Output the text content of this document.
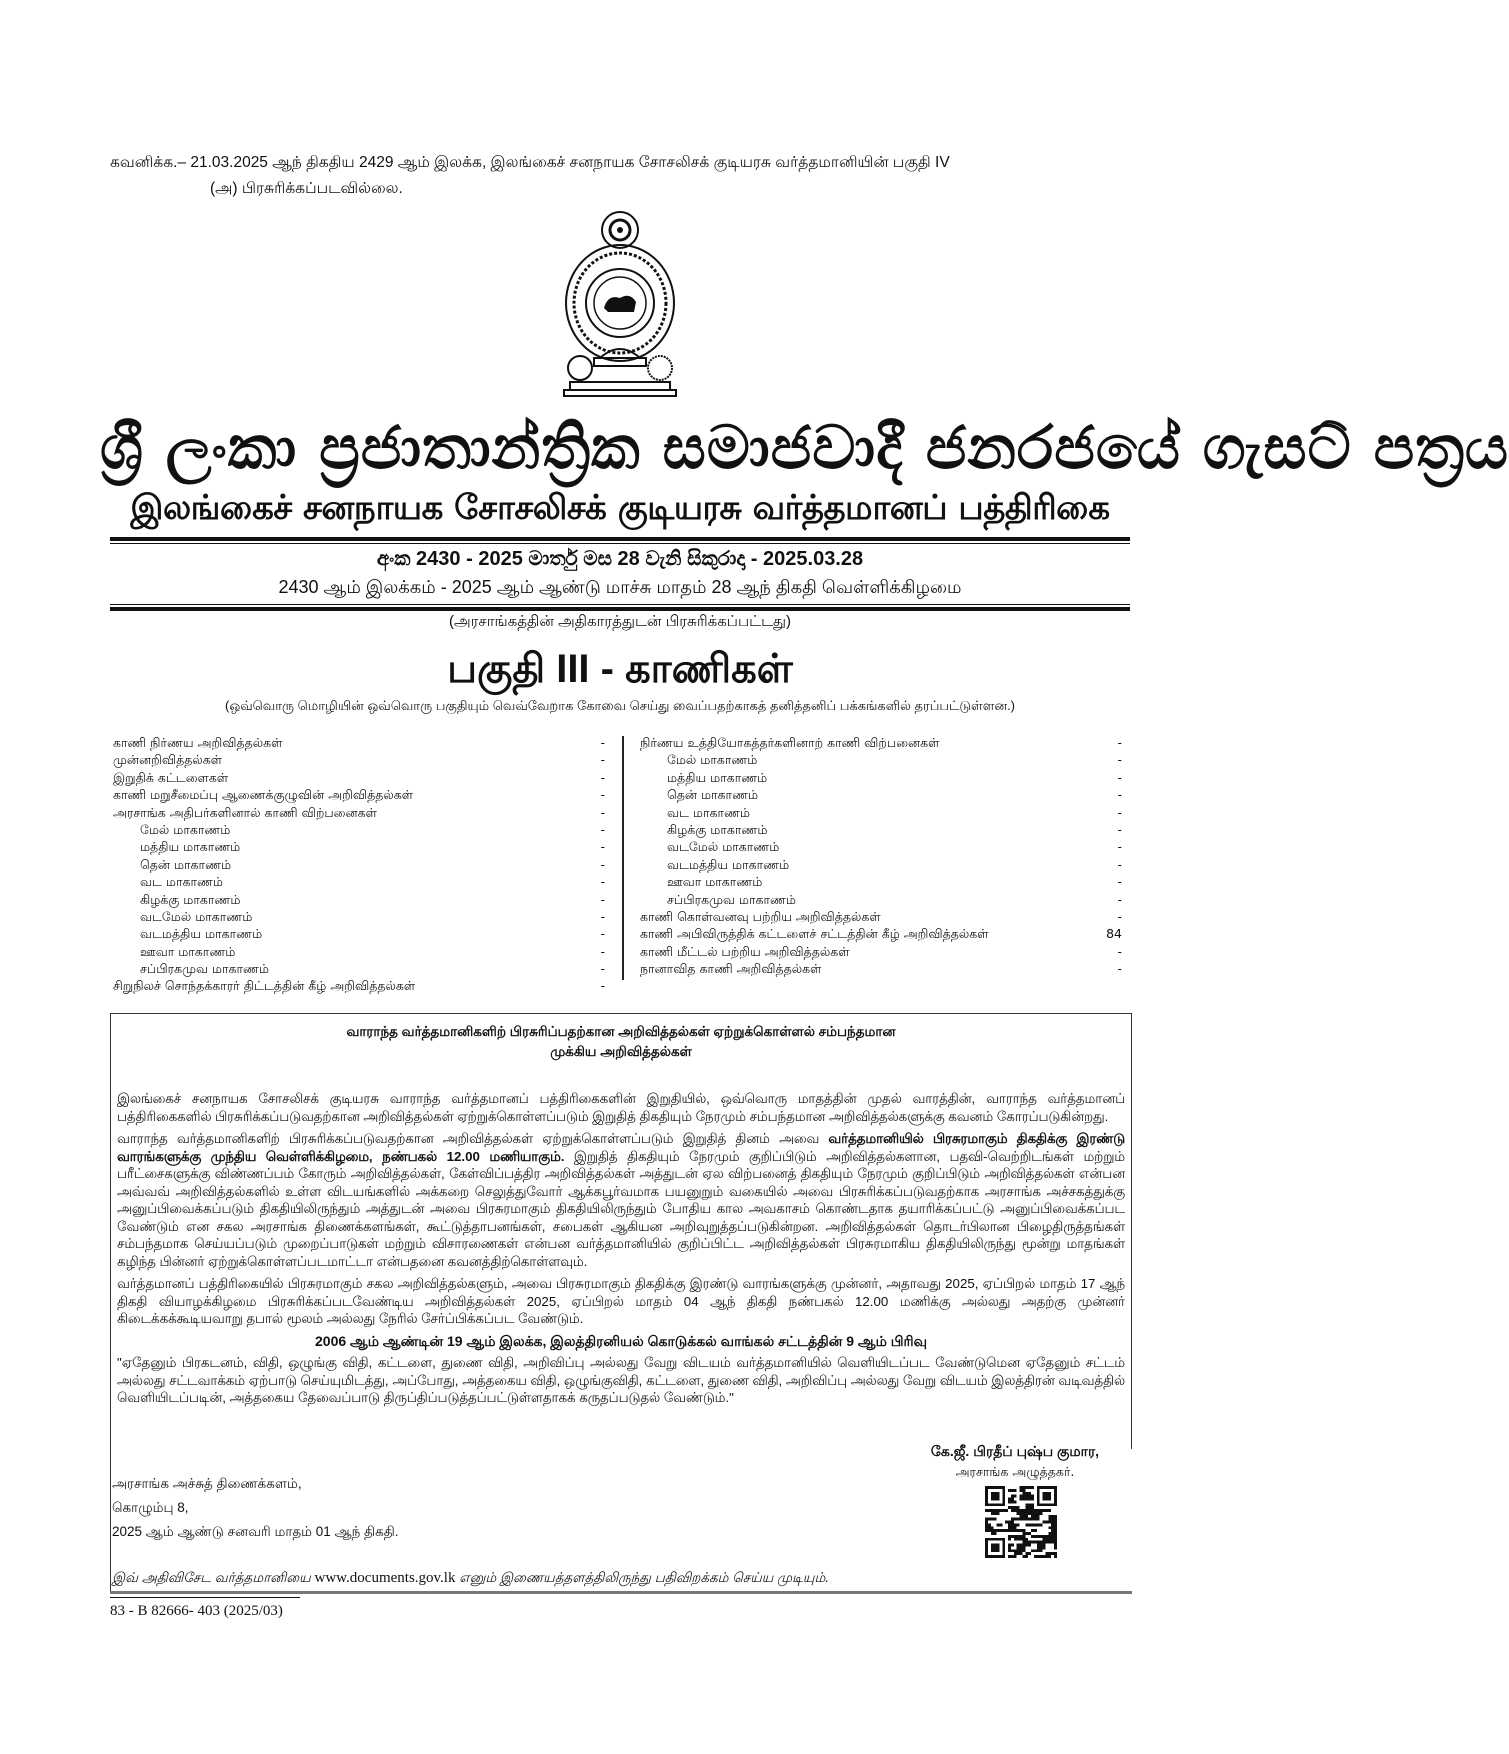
கவனிக்க.– 21.03.2025 ஆந் திகதிய 2429 ஆம் இலக்க, இலங்கைச் சனநாயக சோசலிசக் குடியரசு வர்த்தமானியின் பகுதி IV
(அ) பிரசுரிக்கப்படவில்லை.
ශ්‍රී ලංකා ප්‍රජාතාන්ත්‍රික සමාජවාදී ජනරජයේ ගැසට් පත්‍රය
இலங்கைச் சனநாயக சோசலிசக் குடியரசு வர்த்தமானப் பத்திரிகை
අංක 2430 - 2025 මාර්තු මස 28 වැනි සිකුරාදා - 2025.03.28
2430 ஆம் இலக்கம் - 2025 ஆம் ஆண்டு மாச்சு மாதம் 28 ஆந் திகதி வெள்ளிக்கிழமை
(அரசாங்கத்தின் அதிகாரத்துடன் பிரசுரிக்கப்பட்டது)
பகுதி III - காணிகள்
(ஒவ்வொரு மொழியின் ஒவ்வொரு பகுதியும் வெவ்வேறாக கோவை செய்து வைப்பதற்காகத் தனித்தனிப் பக்கங்களில் தரப்பட்டுள்ளன.)
காணி நிர்ணய அறிவித்தல்கள்	-
முன்னறிவித்தல்கள்	-
இறுதிக் கட்டளைகள்	-
காணி மறுசீமைப்பு ஆணைக்குழுவின் அறிவித்தல்கள்	-
அரசாங்க அதிபர்களினால் காணி விற்பனைகள்	-
மேல் மாகாணம்	-
மத்திய மாகாணம்	-
தென் மாகாணம்	-
வட மாகாணம்	-
கிழக்கு மாகாணம்	-
வடமேல் மாகாணம்	-
வடமத்திய மாகாணம்	-
ஊவா மாகாணம்	-
சப்பிரகமுவ மாகாணம்	-
சிறுநிலச் சொந்தக்காரர் திட்டத்தின் கீழ் அறிவித்தல்கள்	-
நிர்ணய உத்தியோகத்தர்களினாற் காணி விற்பனைகள்	-
மேல் மாகாணம்	-
மத்திய மாகாணம்	-
தென் மாகாணம்	-
வட மாகாணம்	-
கிழக்கு மாகாணம்	-
வடமேல் மாகாணம்	-
வடமத்திய மாகாணம்	-
ஊவா மாகாணம்	-
சப்பிரகமுவ மாகாணம்	-
காணி கொள்வனவு பற்றிய அறிவித்தல்கள்	-
காணி அபிவிருத்திக் கட்டளைச் சட்டத்தின் கீழ் அறிவித்தல்கள்	84
காணி மீட்டல் பற்றிய அறிவித்தல்கள்	-
நானாவித காணி அறிவித்தல்கள்	-
வாராந்த வர்த்தமானிகளிற் பிரசுரிப்பதற்கான அறிவித்தல்கள் ஏற்றுக்கொள்ளல் சம்பந்தமான
முக்கிய அறிவித்தல்கள்

இலங்கைச் சனநாயக சோசலிசக் குடியரசு வாராந்த வர்த்தமானப் பத்திரிகைகளின் இறுதியில், ஒவ்வொரு மாதத்தின் முதல் வாரத்தின், வாராந்த வர்த்தமானப் பத்திரிகைகளில் பிரசுரிக்கப்படுவதற்கான அறிவித்தல்கள் ஏற்றுக்கொள்ளப்படும் இறுதித் திகதியும் நேரமும் சம்பந்தமான அறிவித்தல்களுக்கு கவனம் கோரப்படுகின்றது.

வாராந்த வர்த்தமானிகளிற் பிரசுரிக்கப்படுவதற்கான அறிவித்தல்கள் ஏற்றுக்கொள்ளப்படும் இறுதித் தினம் அவை வர்த்தமானியில் பிரசுரமாகும் திகதிக்கு இரண்டு வாரங்களுக்கு முந்திய வெள்ளிக்கிழமை, நண்பகல் 12.00 மணியாகும். இறுதித் திகதியும் நேரமும் குறிப்பிடும் அறிவித்தல்களான, பதவி-வெற்றிடங்கள் மற்றும் பரீட்சைகளுக்கு விண்ணப்பம் கோரும் அறிவித்தல்கள், கேள்விப்பத்திர அறிவித்தல்கள் அத்துடன் ஏல விற்பனைத் திகதியும் நேரமும் குறிப்பிடும் அறிவித்தல்கள் என்பன அவ்வவ் அறிவித்தல்களில் உள்ள விடயங்களில் அக்கறை செலுத்துவோர் ஆக்கபூர்வமாக பயனுறும் வகையில் அவை பிரசுரிக்கப்படுவதற்காக அரசாங்க அச்சகத்துக்கு அனுப்பிவைக்கப்படும் திகதியிலிருந்தும் அத்துடன் அவை பிரசுரமாகும் திகதியிலிருந்தும் போதிய கால அவகாசம் கொண்டதாக தயாரிக்கப்பட்டு அனுப்பிவைக்கப்பட வேண்டும் என சகல அரசாங்க திணைக்களங்கள், கூட்டுத்தாபனங்கள், சபைகள் ஆகியன அறிவுறுத்தப்படுகின்றன. அறிவித்தல்கள் தொடர்பிலான பிழைதிருத்தங்கள் சம்பந்தமாக செய்யப்படும் முறைப்பாடுகள் மற்றும் விசாரணைகள் என்பன வர்த்தமானியில் குறிப்பிட்ட அறிவித்தல்கள் பிரசுரமாகிய திகதியிலிருந்து மூன்று மாதங்கள் கழிந்த பின்னர் ஏற்றுக்கொள்ளப்படமாட்டா என்பதனை கவனத்திற்கொள்ளவும்.

வர்த்தமானப் பத்திரிகையில் பிரசுரமாகும் சகல அறிவித்தல்களும், அவை பிரசுரமாகும் திகதிக்கு இரண்டு வாரங்களுக்கு முன்னர், அதாவது 2025, ஏப்பிறல் மாதம் 17 ஆந் திகதி வியாழக்கிழமை பிரசுரிக்கப்படவேண்டிய அறிவித்தல்கள் 2025, ஏப்பிறல் மாதம் 04 ஆந் திகதி நண்பகல் 12.00 மணிக்கு அல்லது அதற்கு முன்னர் கிடைக்கக்கூடியவாறு தபால் மூலம் அல்லது நேரில் சேர்ப்பிக்கப்பட வேண்டும்.

2006 ஆம் ஆண்டின் 19 ஆம் இலக்க, இலத்திரனியல் கொடுக்கல் வாங்கல் சட்டத்தின் 9 ஆம் பிரிவு

"ஏதேனும் பிரகடனம், விதி, ஒழுங்கு விதி, கட்டளை, துணை விதி, அறிவிப்பு அல்லது வேறு விடயம் வர்த்தமானியில் வெளியிடப்பட வேண்டுமென ஏதேனும் சட்டம் அல்லது சட்டவாக்கம் ஏற்பாடு செய்யுமிடத்து, அப்போது, அத்தகைய விதி, ஒழுங்குவிதி, கட்டளை, துணை விதி, அறிவிப்பு அல்லது வேறு விடயம் இலத்திரன் வடிவத்தில் வெளியிடப்படின், அத்தகைய தேவைப்பாடு திருப்திப்படுத்தப்பட்டுள்ளதாகக் கருதப்படுதல் வேண்டும்."

கே.ஜீ. பிரதீப் புஷ்ப குமார,
அரசாங்க அழுத்தகர்.
அரசாங்க அச்சுத் திணைக்களம்,
கொழும்பு 8,
2025 ஆம் ஆண்டு சனவரி மாதம் 01 ஆந் திகதி.
இவ் அதிவிசேட வர்த்தமானியை www.documents.gov.lk எனும் இணையத்தளத்திலிருந்து பதிவிறக்கம் செய்ய முடியும்.
83 - B 82666- 403 (2025/03)
